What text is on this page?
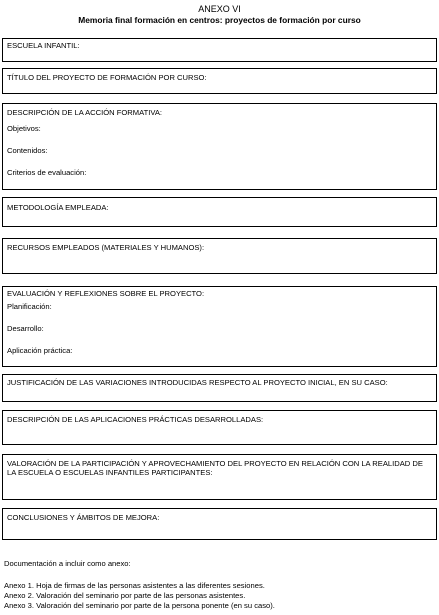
ANEXO VI
Memoria final formación en centros: proyectos de formación por curso
ESCUELA INFANTIL:
TÍTULO DEL PROYECTO DE FORMACIÓN POR CURSO:
DESCRIPCIÓN DE LA ACCIÓN FORMATIVA:
Objetivos:
Contenidos:
Criterios de evaluación:
METODOLOGÍA EMPLEADA:
RECURSOS EMPLEADOS (MATERIALES Y HUMANOS):
EVALUACIÓN Y REFLEXIONES SOBRE EL PROYECTO:
Planificación:
Desarrollo:
Aplicación práctica:
JUSTIFICACIÓN DE LAS VARIACIONES INTRODUCIDAS RESPECTO AL PROYECTO INICIAL, EN SU CASO:
DESCRIPCIÓN DE LAS APLICACIONES PRÁCTICAS DESARROLLADAS:
VALORACIÓN DE LA PARTICIPACIÓN Y APROVECHAMIENTO DEL PROYECTO EN RELACIÓN CON LA REALIDAD DE LA ESCUELA O ESCUELAS INFANTILES PARTICIPANTES:
CONCLUSIONES Y ÁMBITOS DE MEJORA:
Documentación a incluir como anexo:
Anexo 1. Hoja de firmas de las personas asistentes a las diferentes sesiones.
Anexo 2. Valoración del seminario por parte de las personas asistentes.
Anexo 3. Valoración del seminario por parte de la persona ponente (en su caso).
